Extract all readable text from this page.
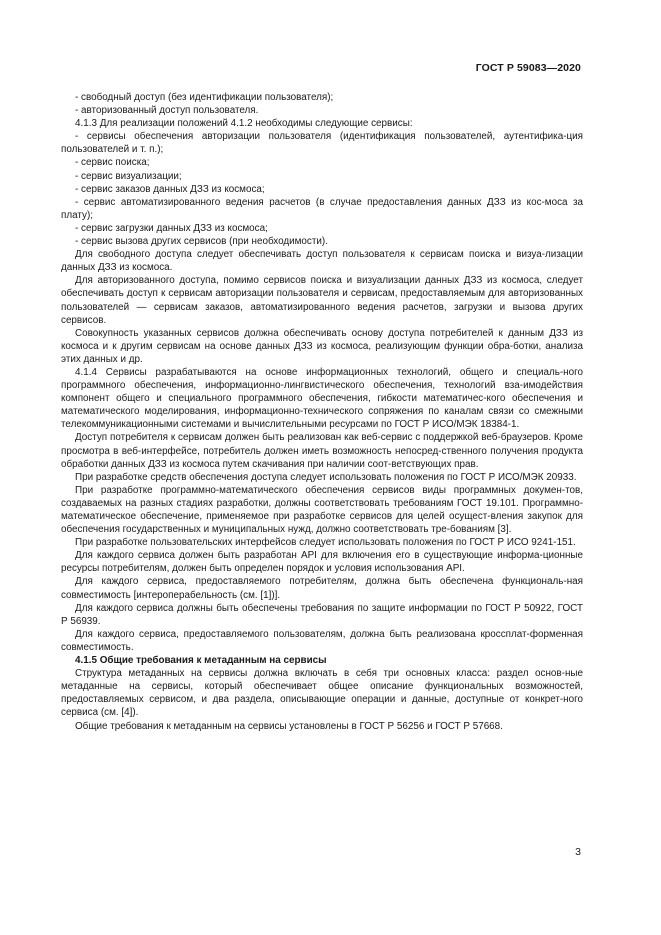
ГОСТ Р 59083—2020

- свободный доступ (без идентификации пользователя);

- авторизованный доступ пользователя.

4.1.3 Для реализации положений 4.1.2 необходимы следующие сервисы:

- сервисы обеспечения авторизации пользователя (идентификация пользователей, аутентифика-ция пользователей и т. п.);

- сервис поиска;

- сервис визуализации;

- сервис заказов данных ДЗЗ из космоса;

- сервис автоматизированного ведения расчетов (в случае предоставления данных ДЗЗ из кос-моса за плату);

- сервис загрузки данных ДЗЗ из космоса;

- сервис вызова других сервисов (при необходимости).

Для свободного доступа следует обеспечивать доступ пользователя к сервисам поиска и визуа-лизации данных ДЗЗ из космоса.

Для авторизованного доступа, помимо сервисов поиска и визуализации данных ДЗЗ из космоса, следует обеспечивать доступ к сервисам авторизации пользователя и сервисам, предоставляемым для авторизованных пользователей — сервисам заказов, автоматизированного ведения расчетов, загрузки и вызова других сервисов.

Совокупность указанных сервисов должна обеспечивать основу доступа потребителей к данным ДЗЗ из космоса и к другим сервисам на основе данных ДЗЗ из космоса, реализующим функции обра-ботки, анализа этих данных и др.

4.1.4 Сервисы разрабатываются на основе информационных технологий, общего и специаль-ного программного обеспечения, информационно-лингвистического обеспечения, технологий вза-имодействия компонент общего и специального программного обеспечения, гибкости математичес-кого обеспечения и математического моделирования, информационно-технического сопряжения по каналам связи со смежными телекоммуникационными системами и вычислительными ресурсами по ГОСТ Р ИСО/МЭК 18384-1.

Доступ потребителя к сервисам должен быть реализован как веб-сервис с поддержкой веб-браузеров. Кроме просмотра в веб-интерфейсе, потребитель должен иметь возможность непосред-ственного получения продукта обработки данных ДЗЗ из космоса путем скачивания при наличии соот-ветствующих прав.

При разработке средств обеспечения доступа следует использовать положения по ГОСТ Р ИСО/МЭК 20933.

При разработке программно-математического обеспечения сервисов виды программных докумен-тов, создаваемых на разных стадиях разработки, должны соответствовать требованиям ГОСТ 19.101. Программно-математическое обеспечение, применяемое при разработке сервисов для целей осущест-вления закупок для обеспечения государственных и муниципальных нужд, должно соответствовать тре-бованиям [3].

При разработке пользовательских интерфейсов следует использовать положения по ГОСТ Р ИСО 9241-151.

Для каждого сервиса должен быть разработан API для включения его в существующие информа-ционные ресурсы потребителям, должен быть определен порядок и условия использования API.

Для каждого сервиса, предоставляемого потребителям, должна быть обеспечена функциональ-ная совместимость [интероперабельность (см. [1])].

Для каждого сервиса должны быть обеспечены требования по защите информации по ГОСТ Р 50922, ГОСТ Р 56939.

Для каждого сервиса, предоставляемого пользователям, должна быть реализована кроссплат-форменная совместимость.

4.1.5 Общие требования к метаданным на сервисы

Структура метаданных на сервисы должна включать в себя три основных класса: раздел основ-ные метаданные на сервисы, который обеспечивает общее описание функциональных возможностей, предоставляемых сервисом, и два раздела, описывающие операции и данные, доступные от конкрет-ного сервиса (см. [4]).

Общие требования к метаданным на сервисы установлены в ГОСТ Р 56256 и ГОСТ Р 57668.

3
